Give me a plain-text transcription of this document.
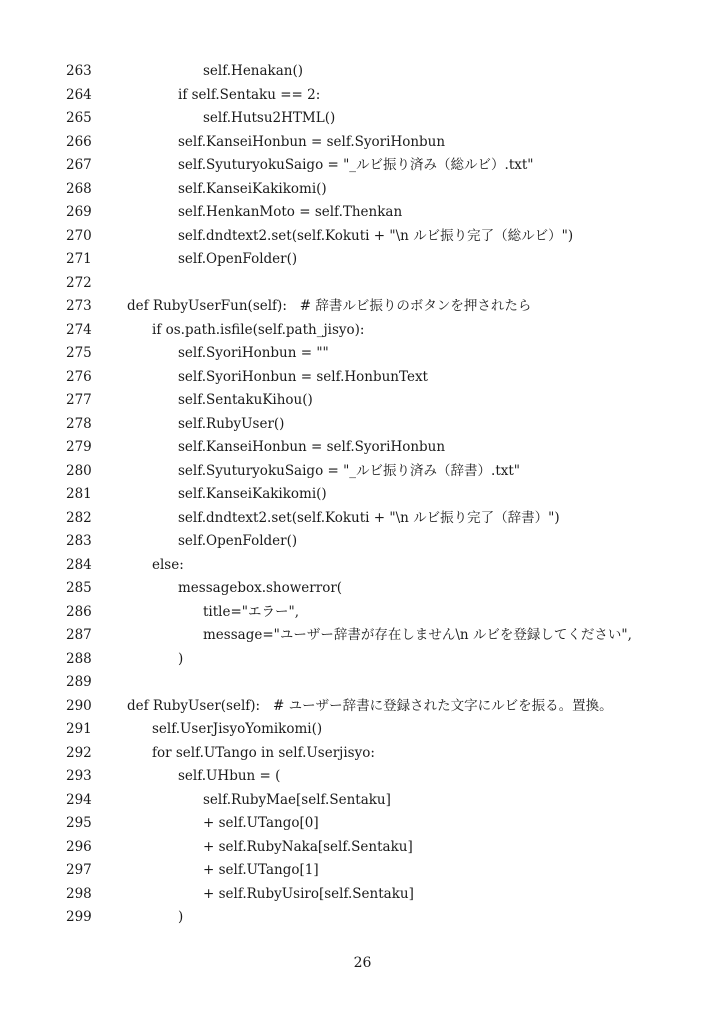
263	self.Henakan()
264	if self.Sentaku == 2:
265	self.Hutsu2HTML()
266	self.KanseiHonbun = self.SyoriHonbun
267	self.SyuturyokuSaigo = "_ルビ振り済み（総ルビ）.txt"
268	self.KanseiKakikomi()
269	self.HenkanMoto = self.Thenkan
270	self.dndtext2.set(self.Kokuti + "\n ルビ振り完了（総ルビ）")
271	self.OpenFolder()
272
273	def RubyUserFun(self):   # 辞書ルビ振りのボタンを押されたら
274	if os.path.isfile(self.path_jisyo):
275	self.SyoriHonbun = ""
276	self.SyoriHonbun = self.HonbunText
277	self.SentakuKihou()
278	self.RubyUser()
279	self.KanseiHonbun = self.SyoriHonbun
280	self.SyuturyokuSaigo = "_ルビ振り済み（辞書）.txt"
281	self.KanseiKakikomi()
282	self.dndtext2.set(self.Kokuti + "\n ルビ振り完了（辞書）")
283	self.OpenFolder()
284	else:
285	messagebox.showerror(
286	title="エラー",
287	message="ユーザー辞書が存在しません\n ルビを登録してください",
288	)
289
290	def RubyUser(self):   # ユーザー辞書に登録された文字にルビを振る。置換。
291	self.UserJisyoYomikomi()
292	for self.UTango in self.Userjisyo:
293	self.UHbun = (
294	self.RubyMae[self.Sentaku]
295	+ self.UTango[0]
296	+ self.RubyNaka[self.Sentaku]
297	+ self.UTango[1]
298	+ self.RubyUsiro[self.Sentaku]
299	)
26
